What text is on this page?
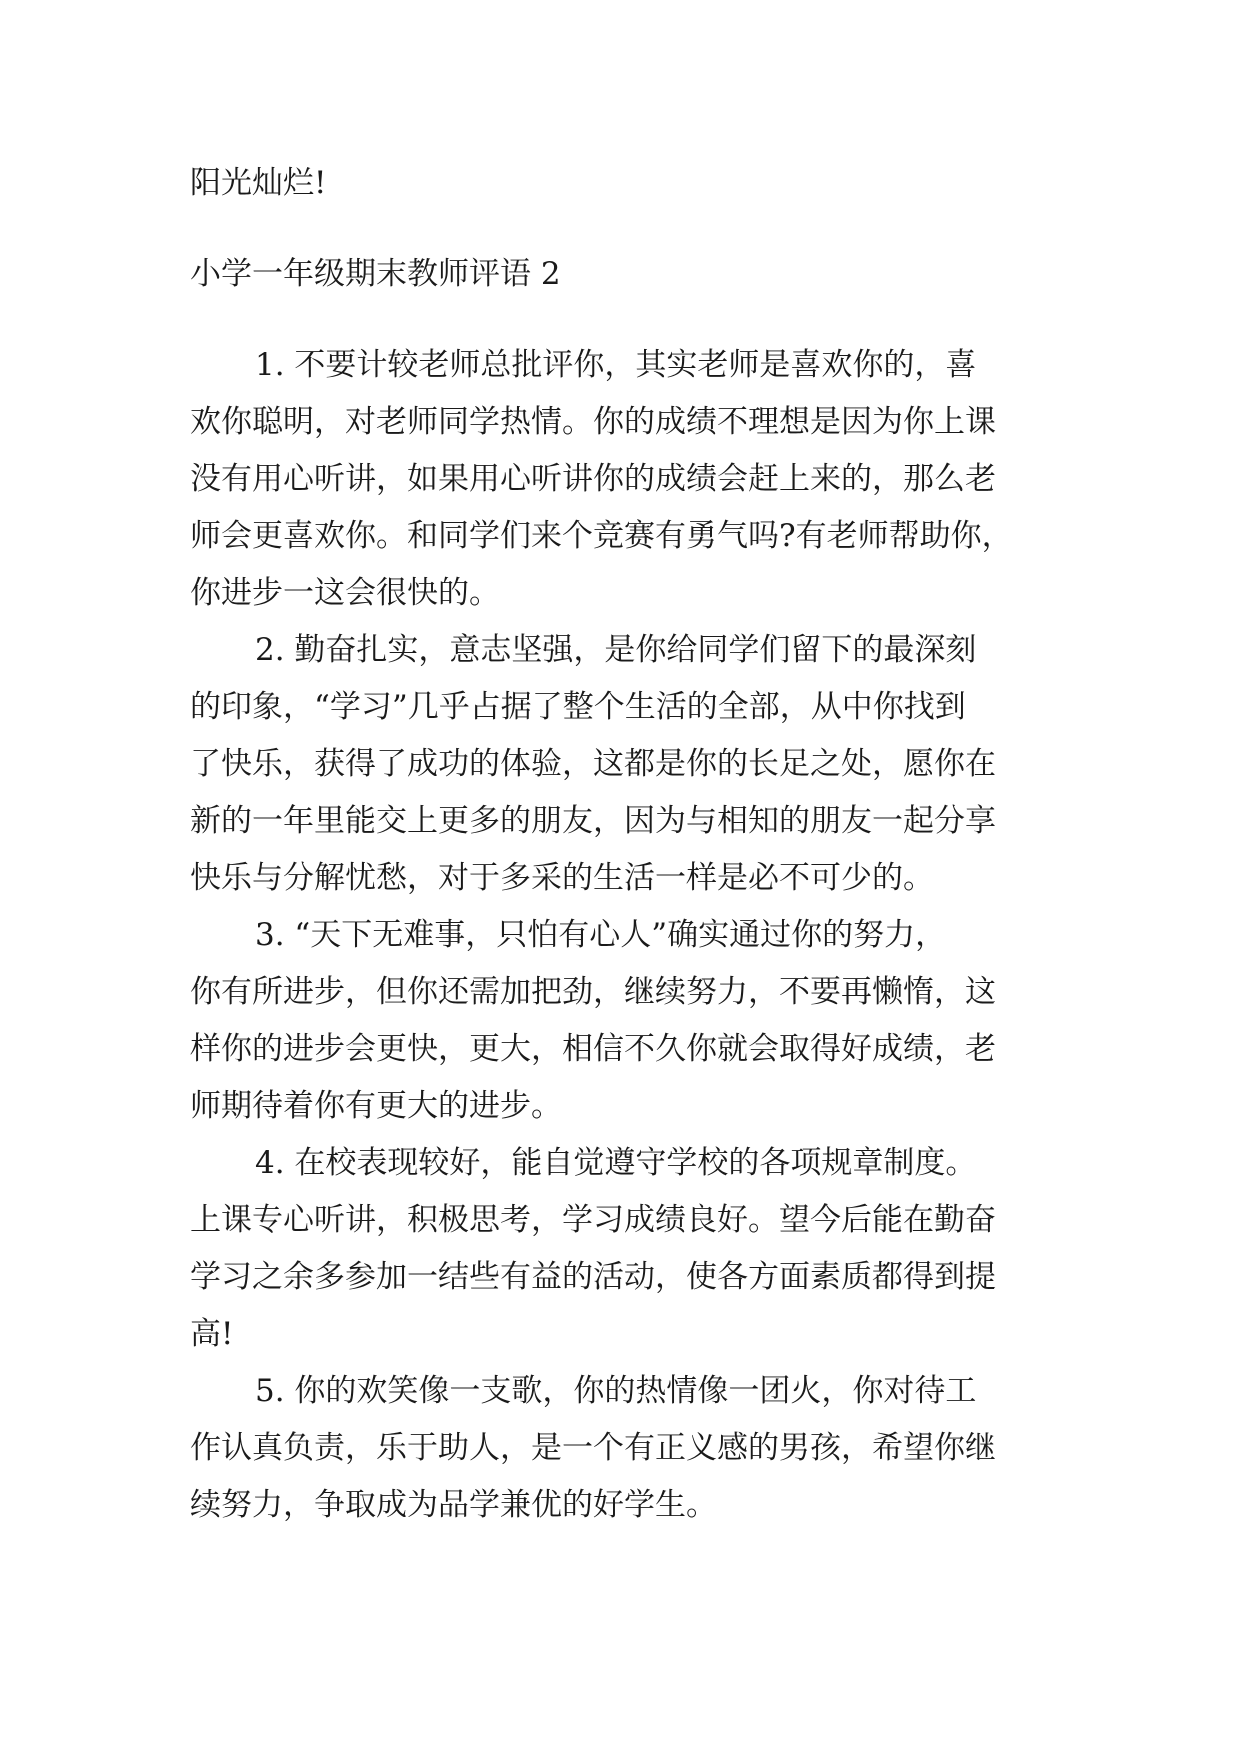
阳光灿烂!
小学一年级期末教师评语 2
1. 不要计较老师总批评你，其实老师是喜欢你的，喜
欢你聪明，对老师同学热情。你的成绩不理想是因为你上课
没有用心听讲，如果用心听讲你的成绩会赶上来的，那么老
师会更喜欢你。和同学们来个竞赛有勇气吗?有老师帮助你，
你进步一这会很快的。
2. 勤奋扎实，意志坚强，是你给同学们留下的最深刻
的印象，“学习”几乎占据了整个生活的全部，从中你找到
了快乐，获得了成功的体验，这都是你的长足之处，愿你在
新的一年里能交上更多的朋友，因为与相知的朋友一起分享
快乐与分解忧愁，对于多采的生活一样是必不可少的。
3. “天下无难事，只怕有心人”确实通过你的努力，
你有所进步，但你还需加把劲，继续努力，不要再懒惰，这
样你的进步会更快，更大，相信不久你就会取得好成绩，老
师期待着你有更大的进步。
4. 在校表现较好，能自觉遵守学校的各项规章制度。
上课专心听讲，积极思考，学习成绩良好。望今后能在勤奋
学习之余多参加一结些有益的活动，使各方面素质都得到提
高!
5. 你的欢笑像一支歌，你的热情像一团火，你对待工
作认真负责，乐于助人，是一个有正义感的男孩，希望你继
续努力，争取成为品学兼优的好学生。
